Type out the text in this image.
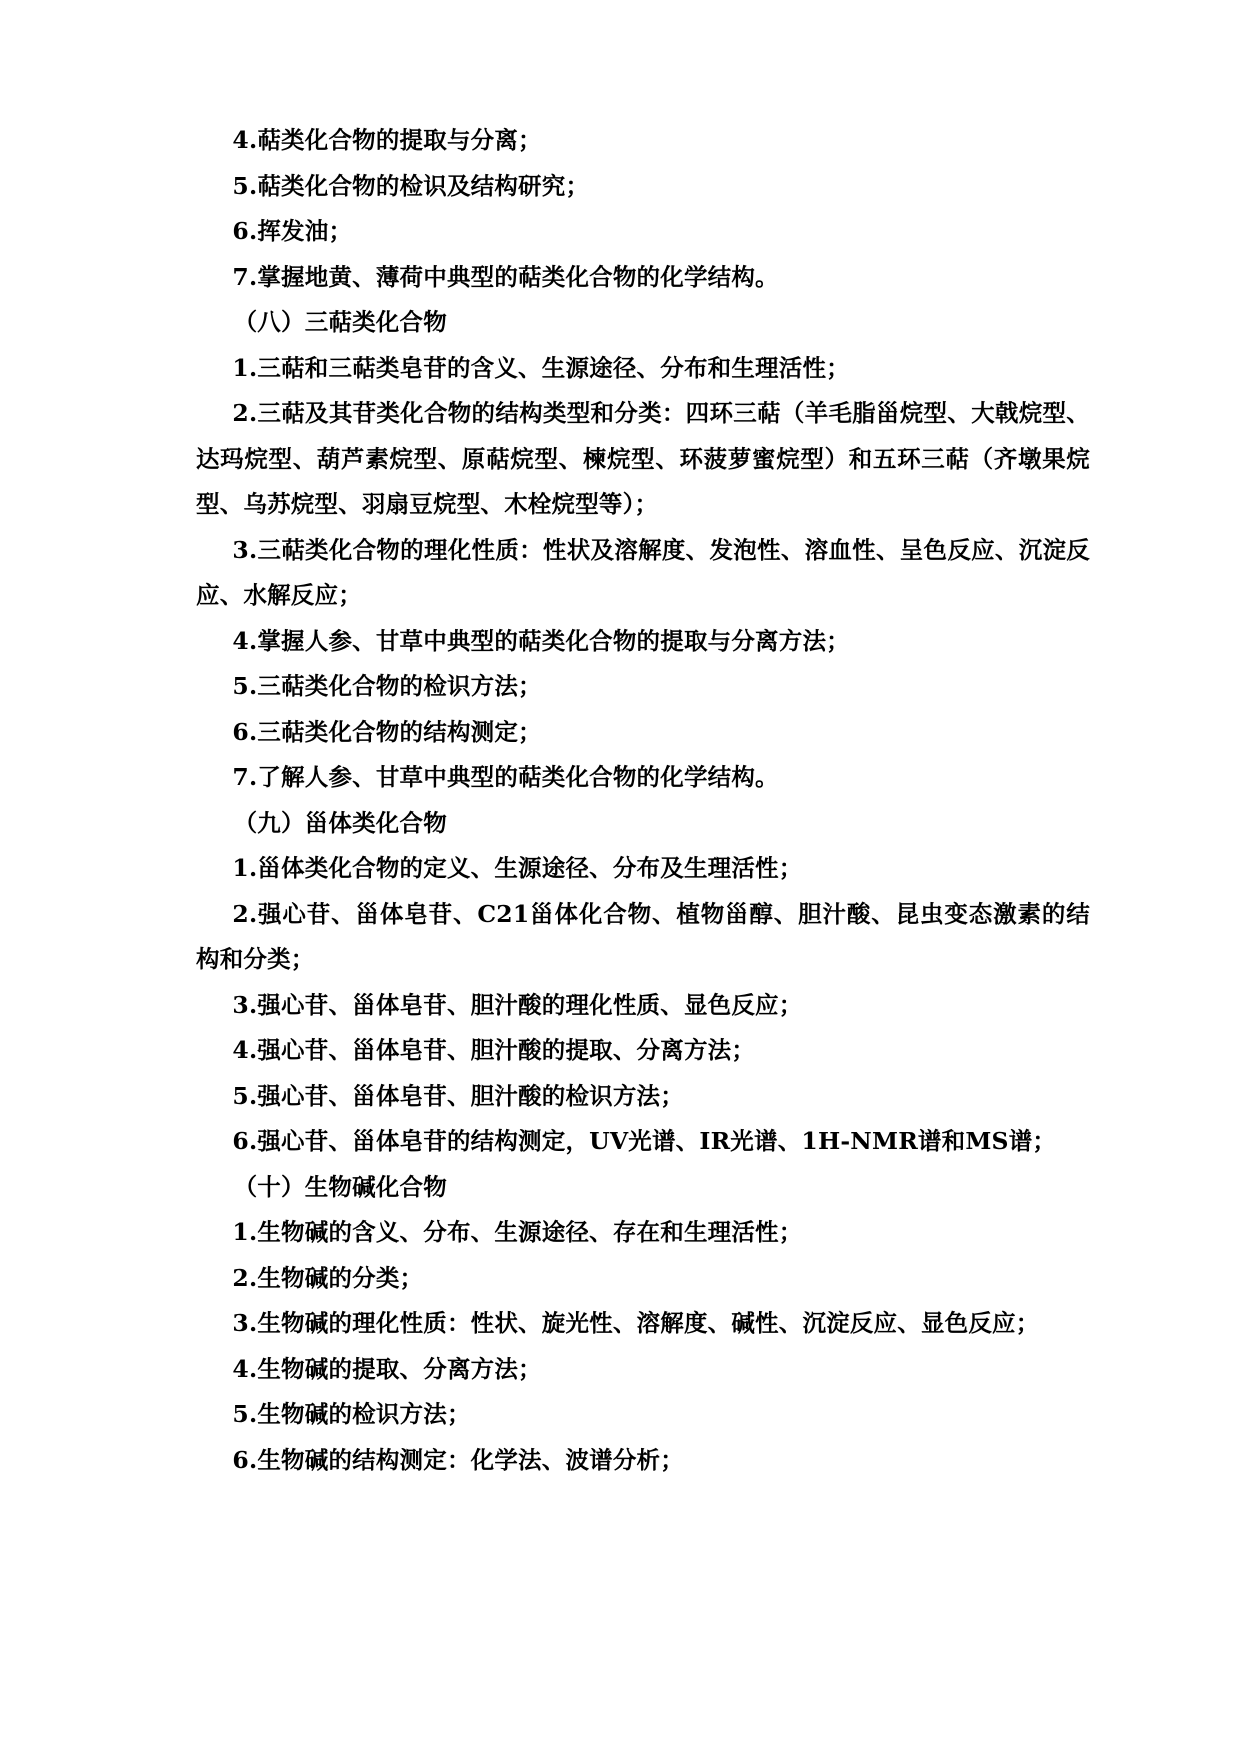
4.萜类化合物的提取与分离；

5.萜类化合物的检识及结构研究；

6.挥发油；

7.掌握地黄、薄荷中典型的萜类化合物的化学结构。

（八）三萜类化合物

1.三萜和三萜类皂苷的含义、生源途径、分布和生理活性；

2.三萜及其苷类化合物的结构类型和分类：四环三萜（羊毛脂甾烷型、大戟烷型、达玛烷型、葫芦素烷型、原萜烷型、楝烷型、环菠萝蜜烷型）和五环三萜（齐墩果烷型、乌苏烷型、羽扇豆烷型、木栓烷型等）；

3.三萜类化合物的理化性质：性状及溶解度、发泡性、溶血性、呈色反应、沉淀反应、水解反应；

4.掌握人参、甘草中典型的萜类化合物的提取与分离方法；

5.三萜类化合物的检识方法；

6.三萜类化合物的结构测定；

7.了解人参、甘草中典型的萜类化合物的化学结构。

（九）甾体类化合物

1.甾体类化合物的定义、生源途径、分布及生理活性；

2.强心苷、甾体皂苷、C21甾体化合物、植物甾醇、胆汁酸、昆虫变态激素的结构和分类；

3.强心苷、甾体皂苷、胆汁酸的理化性质、显色反应；

4.强心苷、甾体皂苷、胆汁酸的提取、分离方法；

5.强心苷、甾体皂苷、胆汁酸的检识方法；

6.强心苷、甾体皂苷的结构测定，UV光谱、IR光谱、1H-NMR谱和MS谱；

（十）生物碱化合物

1.生物碱的含义、分布、生源途径、存在和生理活性；

2.生物碱的分类；

3.生物碱的理化性质：性状、旋光性、溶解度、碱性、沉淀反应、显色反应；

4.生物碱的提取、分离方法；

5.生物碱的检识方法；

6.生物碱的结构测定：化学法、波谱分析；
